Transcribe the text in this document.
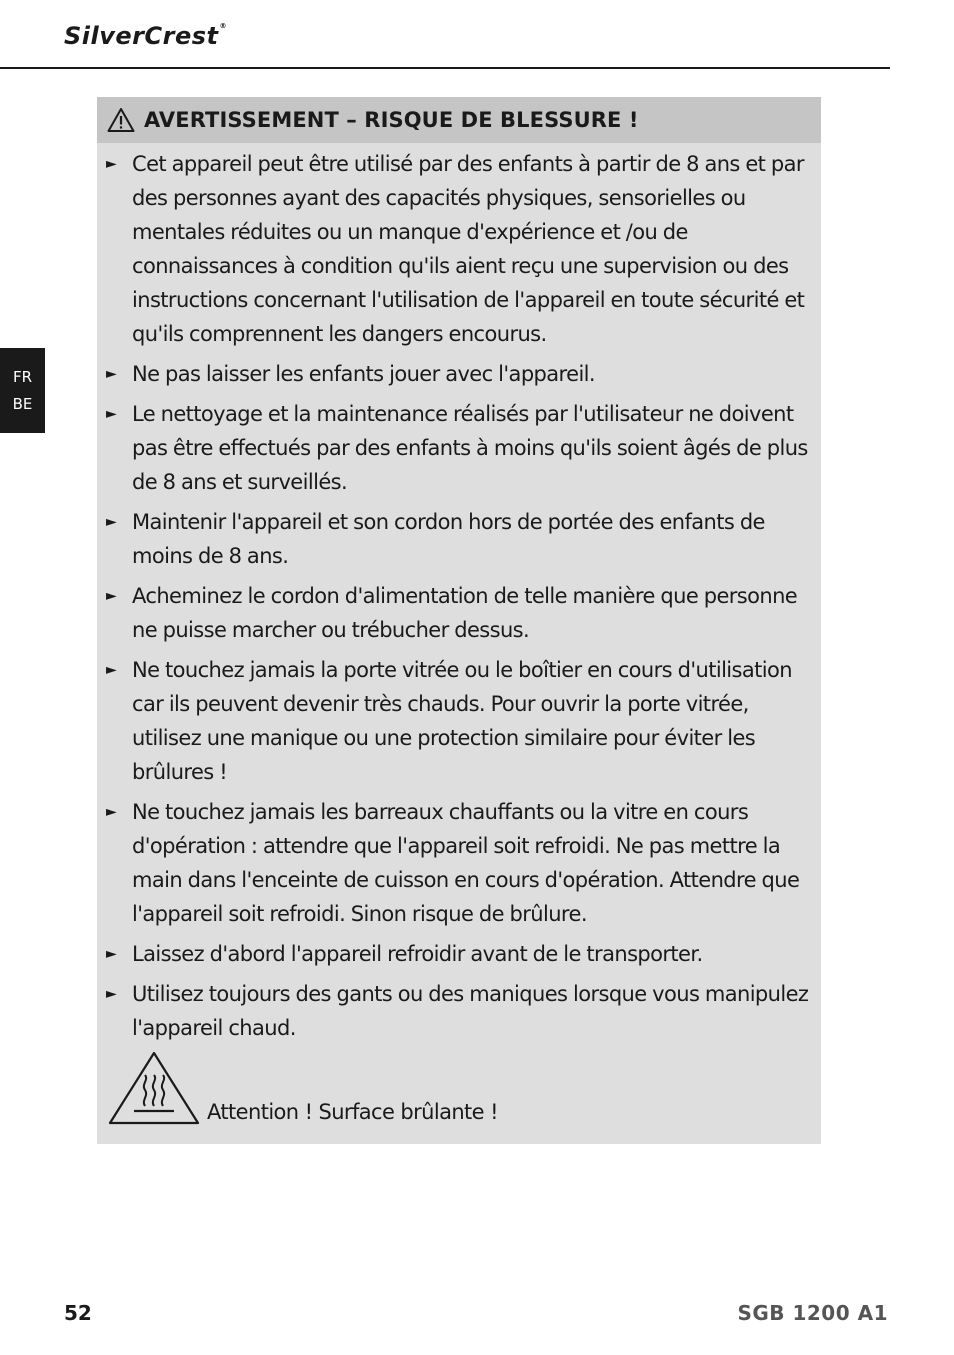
SilverCrest®
FR
BE
AVERTISSEMENT – RISQUE DE BLESSURE !
► Cet appareil peut être utilisé par des enfants à partir de 8 ans et par des personnes ayant des capacités physiques, sensorielles ou mentales réduites ou un manque d'expérience et /ou de connaissances à condition qu'ils aient reçu une supervision ou des instructions concernant l'utilisation de l'appareil en toute sécurité et qu'ils comprennent les dangers encourus.
► Ne pas laisser les enfants jouer avec l'appareil.
► Le nettoyage et la maintenance réalisés par l'utilisateur ne doivent pas être effectués par des enfants à moins qu'ils soient âgés de plus de 8 ans et surveillés.
► Maintenir l'appareil et son cordon hors de portée des enfants de moins de 8 ans.
► Acheminez le cordon d'alimentation de telle manière que personne ne puisse marcher ou trébucher dessus.
► Ne touchez jamais la porte vitrée ou le boîtier en cours d'utilisation car ils peuvent devenir très chauds. Pour ouvrir la porte vitrée, utilisez une manique ou une protection similaire pour éviter les brûlures !
► Ne touchez jamais les barreaux chauffants ou la vitre en cours d'opération : attendre que l'appareil soit refroidi. Ne pas mettre la main dans l'enceinte de cuisson en cours d'opération. Attendre que l'appareil soit refroidi. Sinon risque de brûlure.
► Laissez d'abord l'appareil refroidir avant de le transporter.
► Utilisez toujours des gants ou des maniques lorsque vous manipulez l'appareil chaud.
Attention ! Surface brûlante !
52	SGB 1200 A1
